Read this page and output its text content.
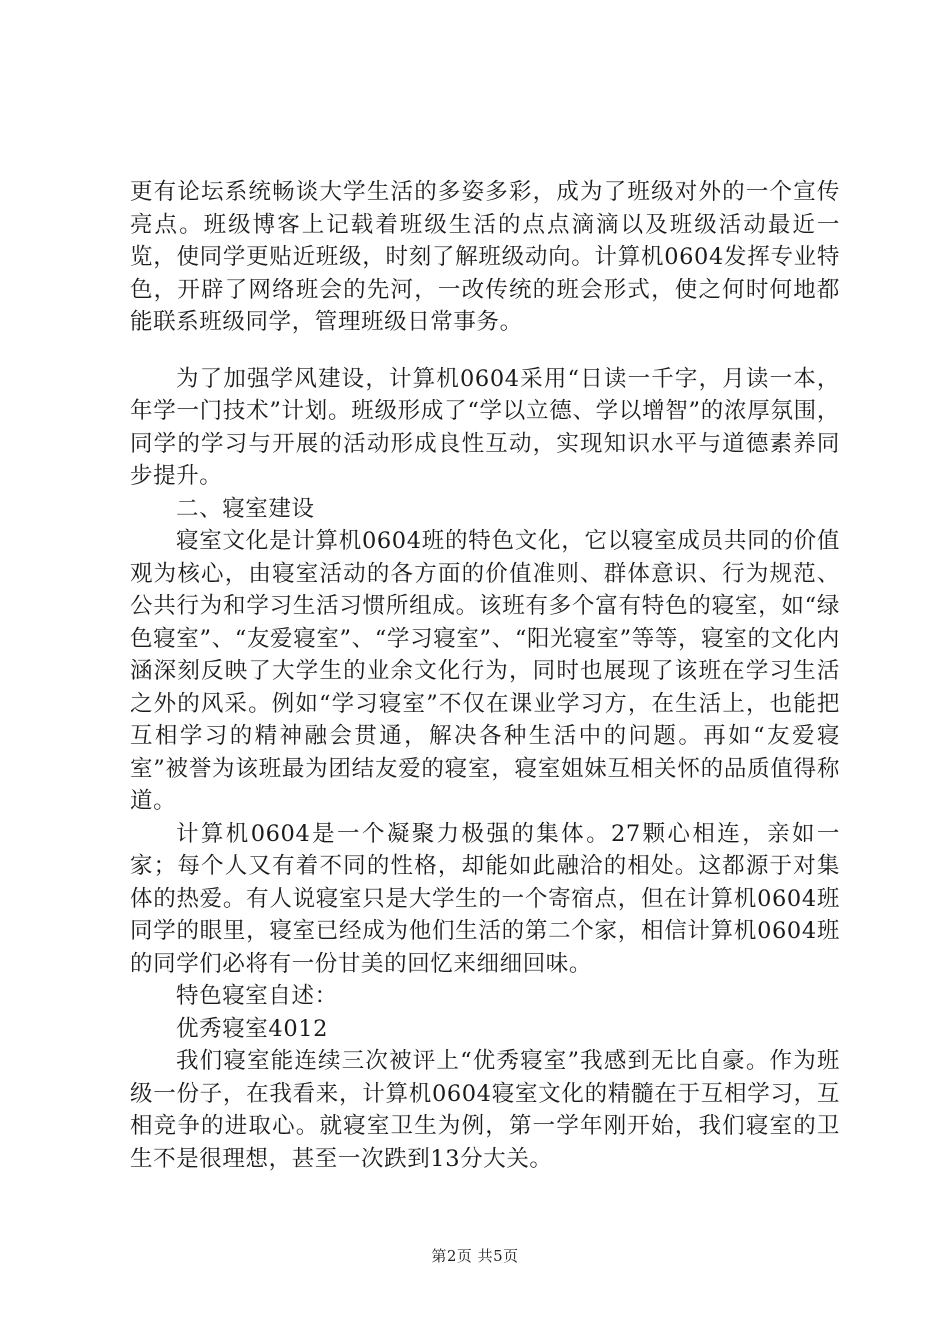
更有论坛系统畅谈大学生活的多姿多彩，成为了班级对外的一个宣传亮点。班级博客上记载着班级生活的点点滴滴以及班级活动最近一览，使同学更贴近班级，时刻了解班级动向。计算机0604发挥专业特色，开辟了网络班会的先河，一改传统的班会形式，使之何时何地都能联系班级同学，管理班级日常事务。

为了加强学风建设，计算机0604采用“日读一千字，月读一本，年学一门技术”计划。班级形成了“学以立德、学以增智”的浓厚氛围，同学的学习与开展的活动形成良性互动，实现知识水平与道德素养同步提升。

二、寝室建设

寝室文化是计算机0604班的特色文化，它以寝室成员共同的价值观为核心，由寝室活动的各方面的价值准则、群体意识、行为规范、公共行为和学习生活习惯所组成。该班有多个富有特色的寝室，如“绿色寝室”、“友爱寝室”、“学习寝室”、“阳光寝室”等等，寝室的文化内涵深刻反映了大学生的业余文化行为，同时也展现了该班在学习生活之外的风采。例如“学习寝室”不仅在课业学习方，在生活上，也能把互相学习的精神融会贯通，解决各种生活中的问题。再如“友爱寝室”被誉为该班最为团结友爱的寝室，寝室姐妹互相关怀的品质值得称道。

计算机0604是一个凝聚力极强的集体。27颗心相连，亲如一家；每个人又有着不同的性格，却能如此融洽的相处。这都源于对集体的热爱。有人说寝室只是大学生的一个寄宿点，但在计算机0604班同学的眼里，寝室已经成为他们生活的第二个家，相信计算机0604班的同学们必将有一份甘美的回忆来细细回味。

特色寝室自述：

优秀寝室4012

我们寝室能连续三次被评上“优秀寝室”我感到无比自豪。作为班级一份子，在我看来，计算机0604寝室文化的精髓在于互相学习，互相竞争的进取心。就寝室卫生为例，第一学年刚开始，我们寝室的卫生不是很理想，甚至一次跌到13分大关。

第2页 共5页
